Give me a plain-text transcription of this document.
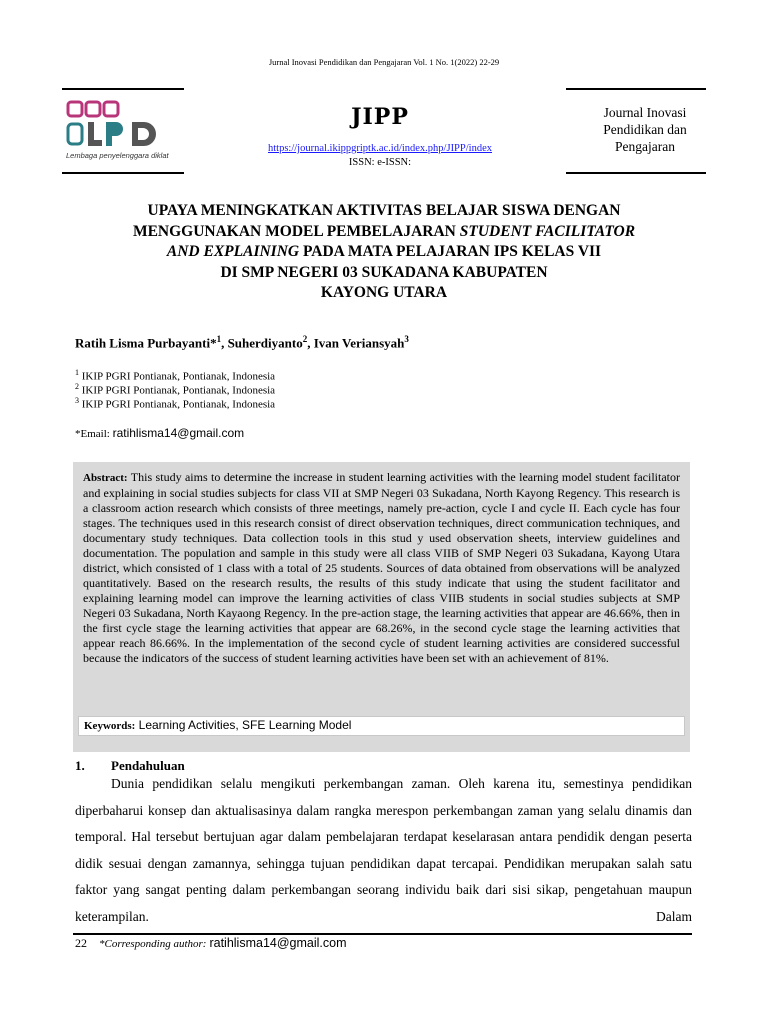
Jurnal Inovasi Pendidikan dan Pengajaran Vol. 1 No. 1(2022) 22-29
Lembaga penyelenggara diklat
JIPP
https://journal.ikippgriptk.ac.id/index.php/JIPP/index
ISSN: e-ISSN:
Journal Inovasi Pendidikan dan Pengajaran
UPAYA MENINGKATKAN AKTIVITAS BELAJAR SISWA DENGAN
MENGGUNAKAN MODEL PEMBELAJARAN STUDENT FACILITATOR
AND EXPLAINING PADA MATA PELAJARAN IPS KELAS VII
DI SMP NEGERI 03 SUKADANA KABUPATEN
KAYONG UTARA
Ratih Lisma Purbayanti*$^1$, Suherdiyanto$^2$, Ivan Veriansyah$^3$
$^1$ IKIP PGRI Pontianak, Pontianak, Indonesia
$^2$ IKIP PGRI Pontianak, Pontianak, Indonesia
$^3$ IKIP PGRI Pontianak, Pontianak, Indonesia
*Email: ratihlisma14@gmail.com
Abstract: This study aims to determine the increase in student learning activities with the learning model student facilitator and explaining in social studies subjects for class VII at SMP Negeri 03 Sukadana, North Kayong Regency. This research is a classroom action research which consists of three meetings, namely pre-action, cycle I and cycle II. Each cycle has four stages. The techniques used in this research consist of direct observation techniques, direct communication techniques, and documentary study techniques. Data collection tools in this stud y used observation sheets, interview guidelines and documentation. The population and sample in this study were all class VIIB of SMP Negeri 03 Sukadana, Kayong Utara district, which consisted of 1 class with a total of 25 students. Sources of data obtained from observations will be analyzed quantitatively. Based on the research results, the results of this study indicate that using the student facilitator and explaining learning model can improve the learning activities of class VIIB students in social studies subjects at SMP Negeri 03 Sukadana, North Kayaong Regency. In the pre-action stage, the learning activities that appear are 46.66%, then in the first cycle stage the learning activities that appear are 68.26%, in the second cycle stage the learning activities that appear reach 86.66%. In the implementation of the second cycle of student learning activities are considered successful because the indicators of the success of student learning activities have been set with an achievement of 81%.
Keywords: Learning Activities, SFE Learning Model
1. Pendahuluan
Dunia pendidikan selalu mengikuti perkembangan zaman. Oleh karena itu, semestinya pendidikan diperbaharui konsep dan aktualisasinya dalam rangka merespon perkembangan zaman yang selalu dinamis dan temporal. Hal tersebut bertujuan agar dalam pembelajaran terdapat keselarasan antara pendidik dengan peserta didik sesuai dengan zamannya, sehingga tujuan pendidikan dapat tercapai. Pendidikan merupakan salah satu faktor yang sangat penting dalam perkembangan seorang individu baik dari sisi sikap, pengetahuan maupun keterampilan. Dalam
22 *Corresponding author: ratihlisma14@gmail.com
